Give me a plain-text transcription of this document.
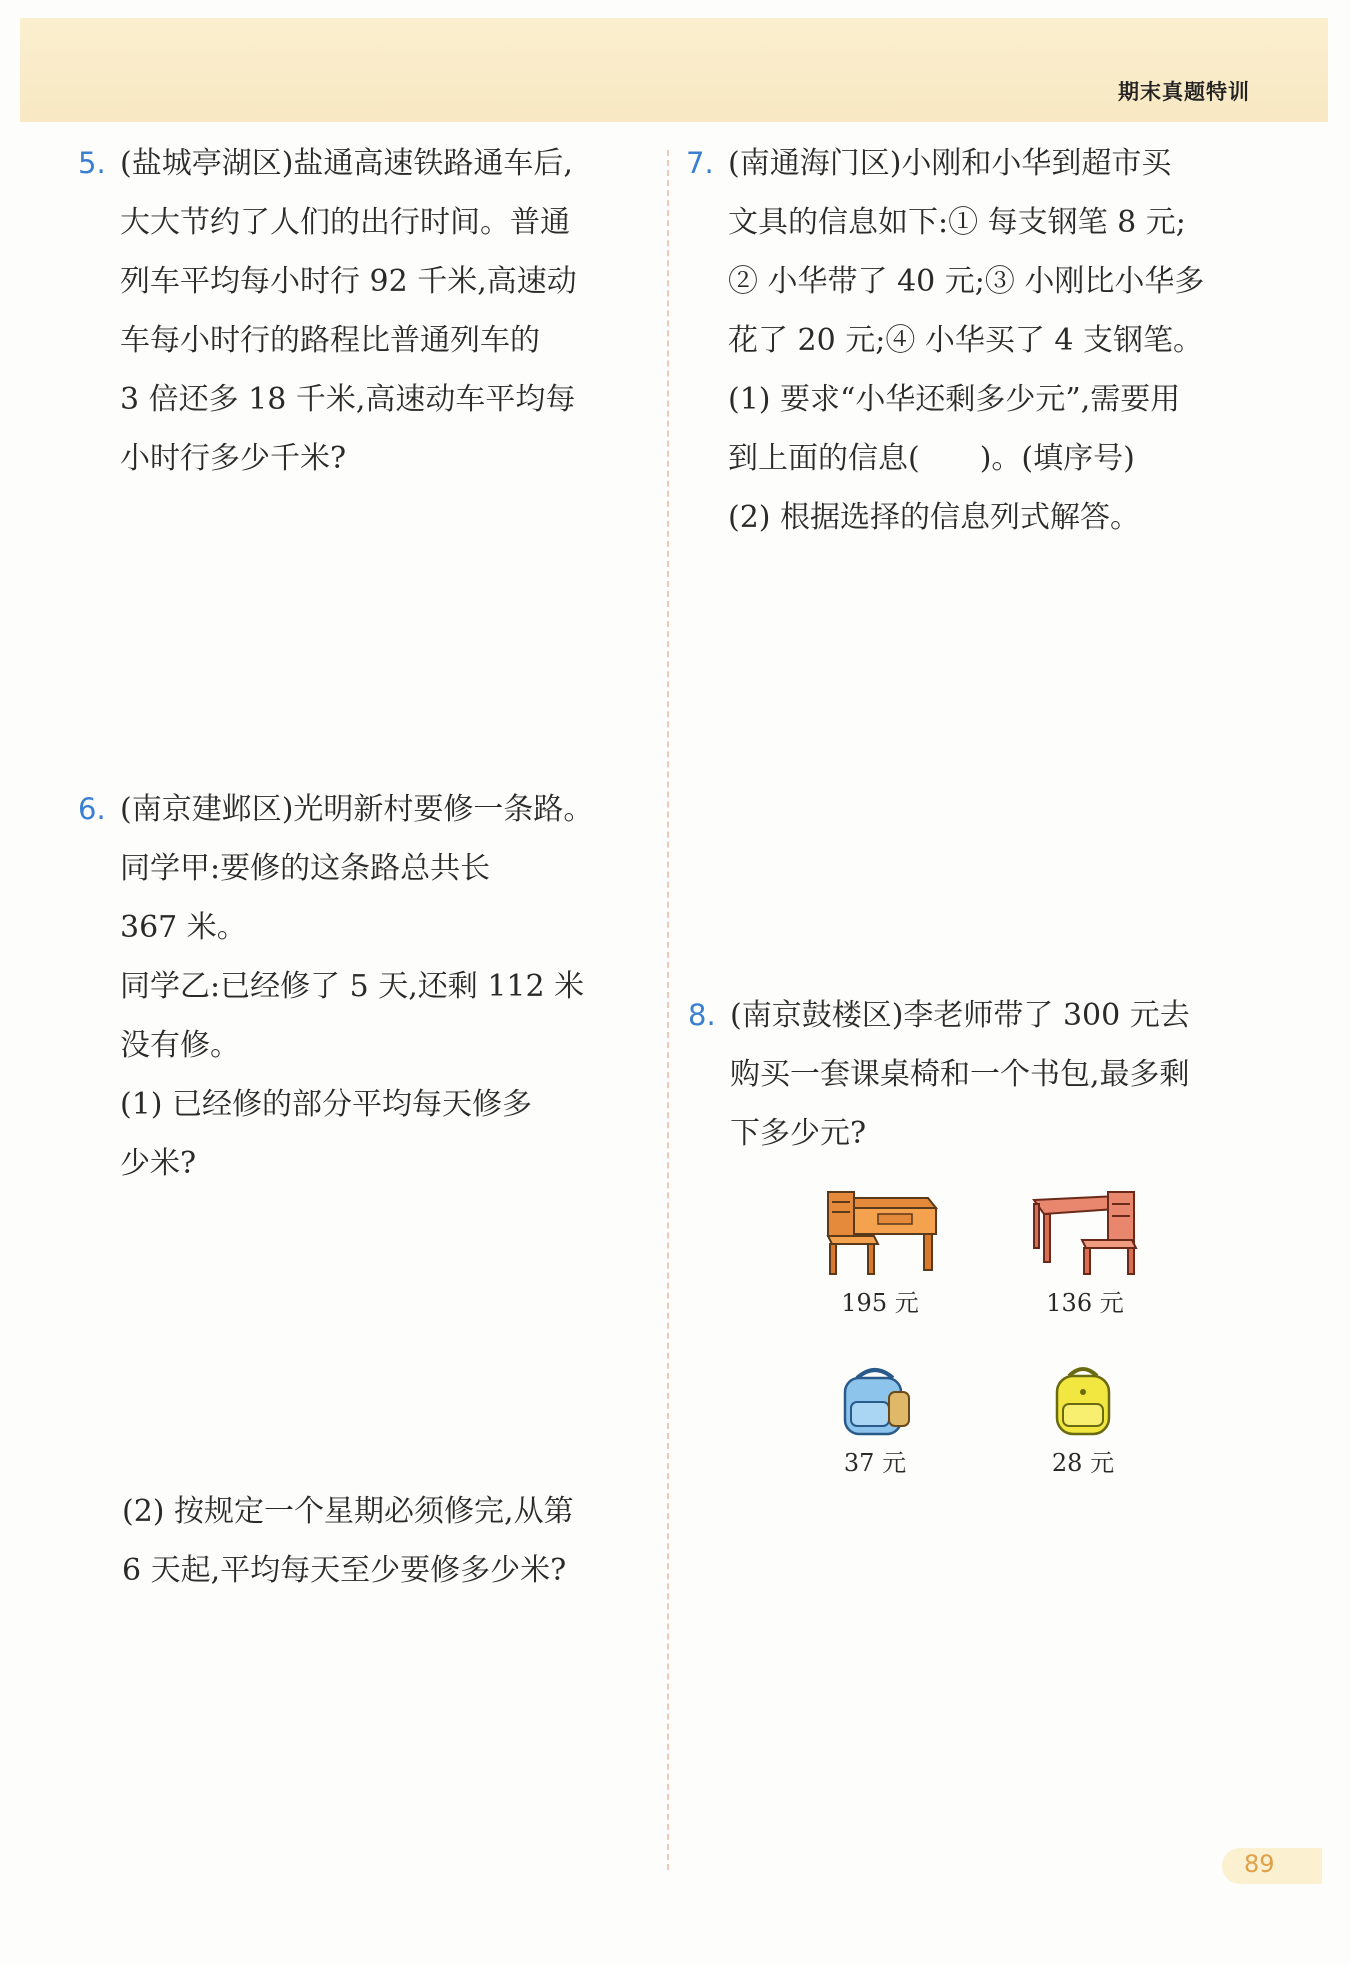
期末真题特训
5. (盐城亭湖区)盐通高速铁路通车后,

大大节约了人们的出行时间。普通

列车平均每小时行 92 千米,高速动

车每小时行的路程比普通列车的

3 倍还多 18 千米,高速动车平均每

小时行多少千米?

6. (南京建邺区)光明新村要修一条路。

同学甲:要修的这条路总共长

367 米。

同学乙:已经修了 5 天,还剩 112 米

没有修。

(1) 已经修的部分平均每天修多

少米?

(2) 按规定一个星期必须修完,从第

6 天起,平均每天至少要修多少米?

7. (南通海门区)小刚和小华到超市买

文具的信息如下:① 每支钢笔 8 元;

② 小华带了 40 元;③ 小刚比小华多

花了 20 元;④ 小华买了 4 支钢笔。

(1) 要求“小华还剩多少元”,需要用

到上面的信息(　　)。(填序号)

(2) 根据选择的信息列式解答。

8. (南京鼓楼区)李老师带了 300 元去

购买一套课桌椅和一个书包,最多剩

下多少元?

195 元	136 元
37 元	28 元
89
